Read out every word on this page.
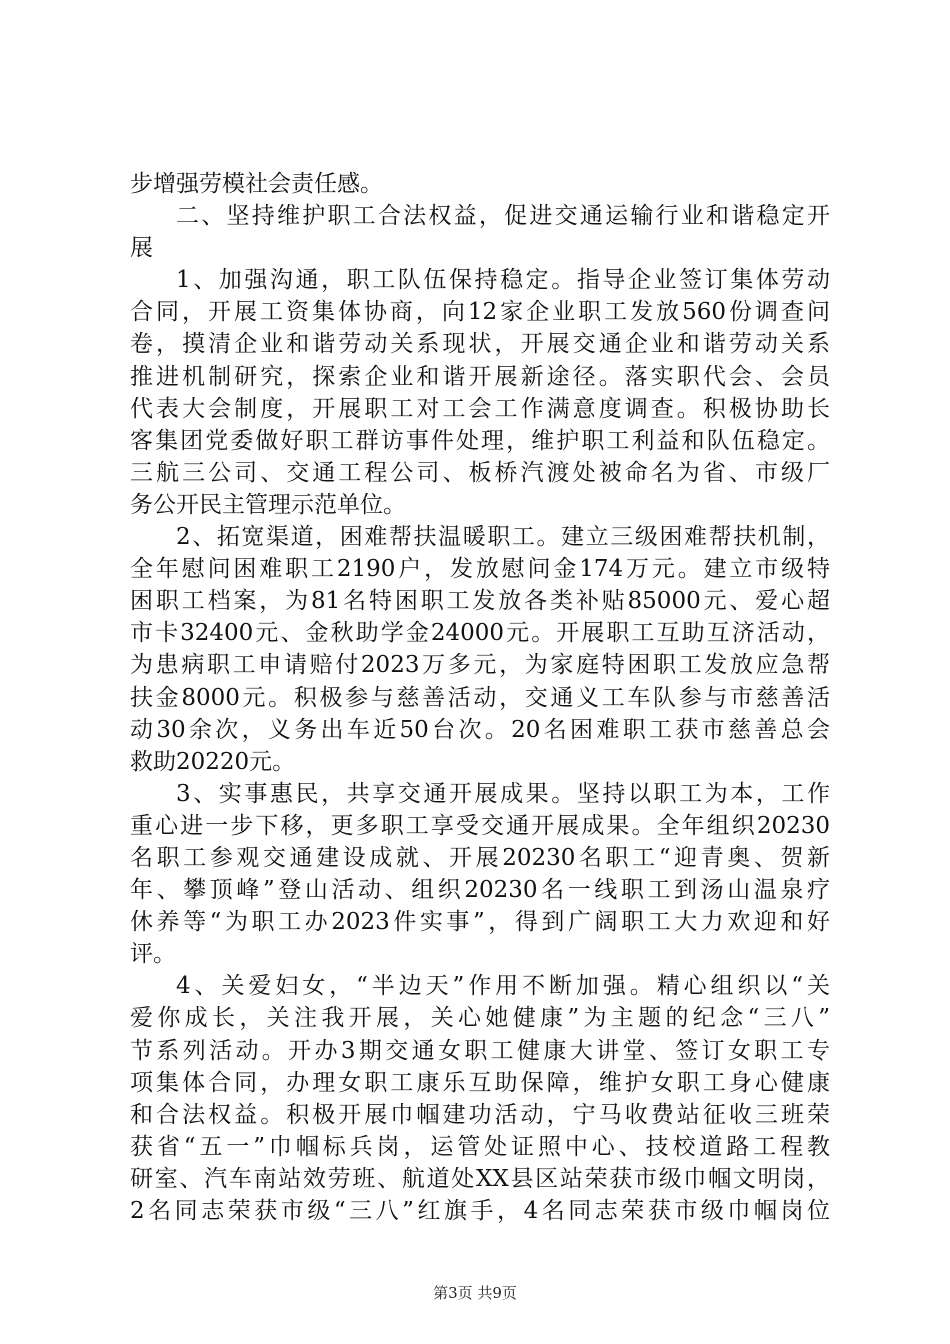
步增强劳模社会责任感。
二、坚持维护职工合法权益，促进交通运输行业和谐稳定开
展
1、加强沟通，职工队伍保持稳定。指导企业签订集体劳动
合同，开展工资集体协商，向12家企业职工发放560份调查问
卷，摸清企业和谐劳动关系现状，开展交通企业和谐劳动关系
推进机制研究，探索企业和谐开展新途径。落实职代会、会员
代表大会制度，开展职工对工会工作满意度调查。积极协助长
客集团党委做好职工群访事件处理，维护职工利益和队伍稳定。
三航三公司、交通工程公司、板桥汽渡处被命名为省、市级厂
务公开民主管理示范单位。
2、拓宽渠道，困难帮扶温暖职工。建立三级困难帮扶机制，
全年慰问困难职工2190户，发放慰问金174万元。建立市级特
困职工档案，为81名特困职工发放各类补贴85000元、爱心超
市卡32400元、金秋助学金24000元。开展职工互助互济活动，
为患病职工申请赔付2023万多元，为家庭特困职工发放应急帮
扶金8000元。积极参与慈善活动，交通义工车队参与市慈善活
动30余次，义务出车近50台次。20名困难职工获市慈善总会
救助20220元。
3、实事惠民，共享交通开展成果。坚持以职工为本，工作
重心进一步下移，更多职工享受交通开展成果。全年组织20230
名职工参观交通建设成就、开展20230名职工“迎青奥、贺新
年、攀顶峰”登山活动、组织20230名一线职工到汤山温泉疗
休养等“为职工办2023件实事”，得到广阔职工大力欢迎和好
评。
4、关爱妇女，“半边天”作用不断加强。精心组织以“关
爱你成长，关注我开展，关心她健康”为主题的纪念“三八”
节系列活动。开办3期交通女职工健康大讲堂、签订女职工专
项集体合同，办理女职工康乐互助保障，维护女职工身心健康
和合法权益。积极开展巾帼建功活动，宁马收费站征收三班荣
获省“五一”巾帼标兵岗，运管处证照中心、技校道路工程教
研室、汽车南站效劳班、航道处XX县区站荣获市级巾帼文明岗，
2名同志荣获市级“三八”红旗手，4名同志荣获市级巾帼岗位
第3页 共9页
